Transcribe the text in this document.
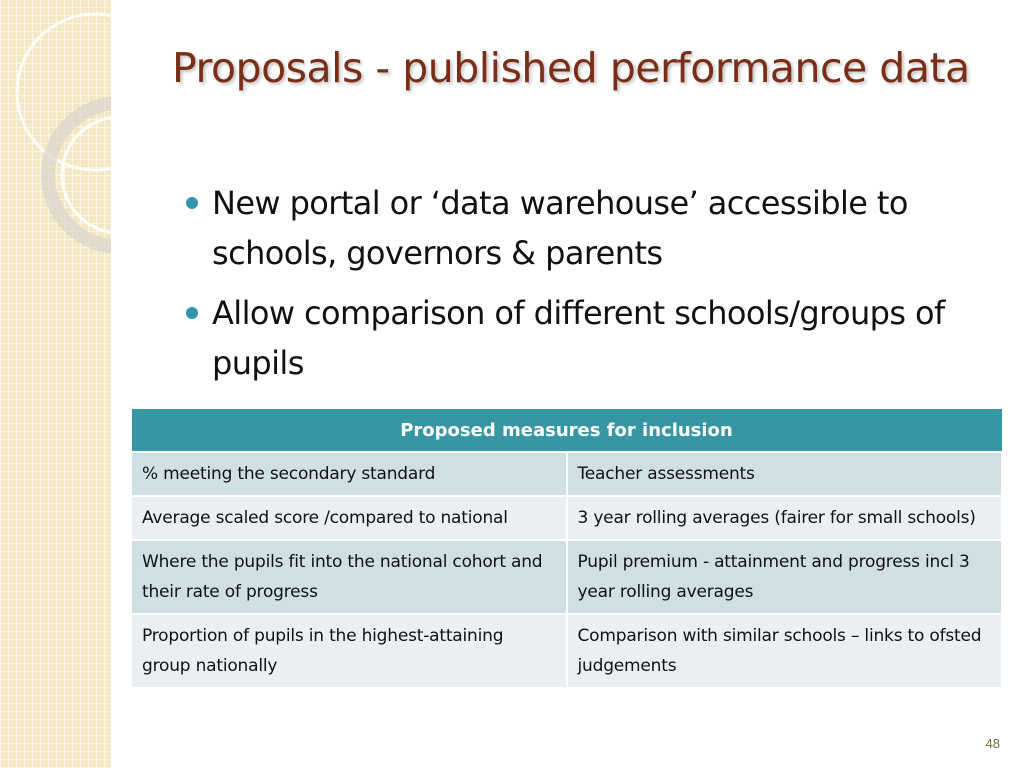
Proposals - published performance data
New portal or ‘data warehouse’ accessible to schools, governors & parents
Allow comparison of different schools/groups of pupils
Proposed measures for inclusion	
% meeting the secondary standard	Teacher assessments
Average scaled score /compared to national	3 year rolling averages (fairer for small schools)
Where the pupils fit into the national cohort and their rate of progress	Pupil premium - attainment and progress incl 3 year rolling averages
Proportion of pupils in the highest-attaining group nationally	Comparison with similar schools – links to ofsted judgements
48
